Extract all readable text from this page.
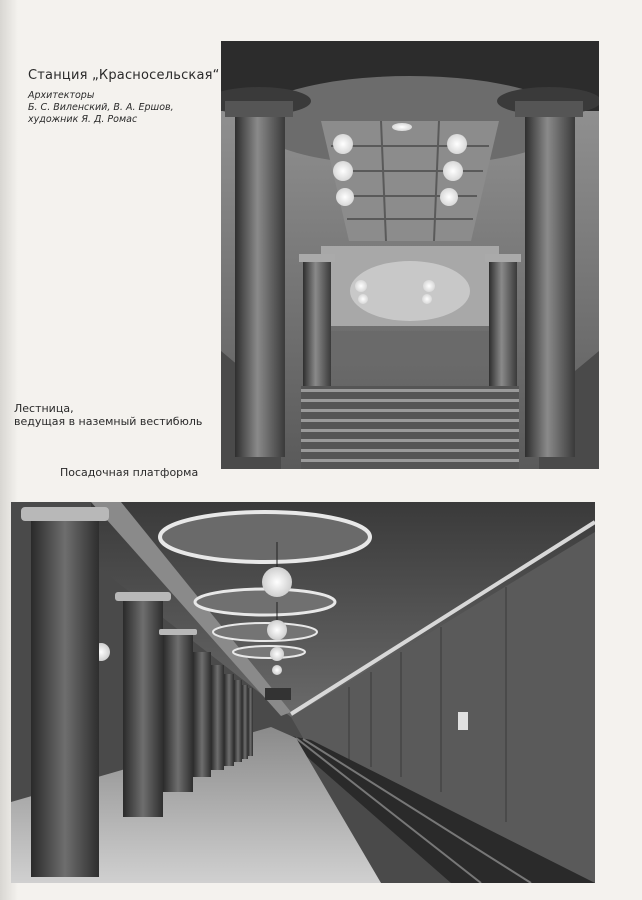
Станция „Красносельская“
Архитекторы
Б. С. Виленский, В. А. Ершов,
художник Я. Д. Ромас
Лестница,
ведущая в наземный вестибюль
Посадочная платформа
